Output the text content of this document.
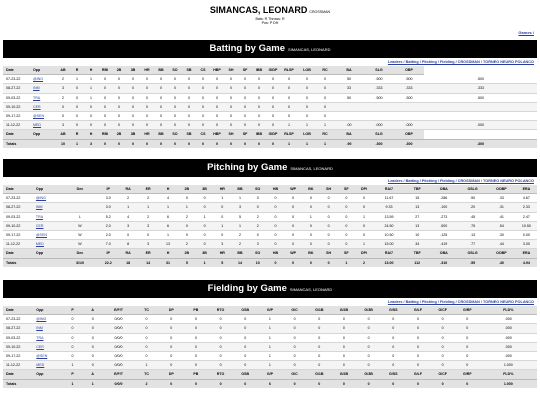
SIMANCAS, LEONARD CROSSMAN
Bats: R Throws: R
Pos: P DH
Games /
Batting by Game SIMANCAS, LEONARD
Leaders / Batting / Pitching / Fielding / CROSSMAN / TORNEO NEURO POLANCO
Date	Opp	AB	R	H	RBI	2B	3B	HR	BB	SO	SB	CS	HBP	SH	SF	IBB	GIDP	RLSP	LOB	RC	BA	SLG	OBP	
07-23-22	@ING	2	1	1	0	0	0	0	0	0	0	0	0	0	0	0	0	0	0	0	50	.500	.500	.500
08-27-22	INM	3	0	1	0	0	0	0	0	0	0	0	0	0	0	0	0	0	0	0	33	.333	.333	.333
09-03-22	TRA	2	0	1	0	0	0	0	0	0	0	0	0	0	0	0	0	0	0	0	50	.500	.500	.500
09-10-22	CER	0	0	0	0	0	0	0	0	0	0	0	0	0	0	0	0	0	0	0				
09-17-22	@SEN	0	0	0	0	0	0	0	0	0	0	0	0	0	0	0	0	0	0	0				
11-12-22	MED	3	0	0	0	0	0	0	0	0	0	0	0	0	0	0	0	1	1	1	.00	.000	.000	.000
Date	Opp	AB	R	H	RBI	2B	3B	HR	BB	SO	SB	CS	HBP	SH	SF	IBB	GIDP	RLSP	LOB	RC	BA	SLG	OBP	
Totals		10	1	3	0	0	0	0	0	0	0	0	0	0	0	0	0	1	1	1	.90	.300	.300	.300
Pitching by Game SIMANCAS, LEONARD
Leaders / Batting / Pitching / Fielding / CROSSMAN / TORNEO NEURO POLANCO
Date	Opp	Dec	IP	RA	ER	H	2B	3B	HR	BB	SO	HB	WP	BK	SH	SF	DPI	RA/7	TBF	OBA	OSLG	OOBP	ERA
07-23-22	@ING		3.0	2	2	4	0	0	1	1	3	0	0	0	0	0	0	11.67	15	.286	.50	.33	4.67
08-27-22	INM		3.0	1	1	1	1	0	0	3	0	0	0	0	0	0	0	9.33	13	.100	.20	.31	2.33
09-03-22	TRA	L	5.2	4	2	6	2	1	0	5	2	0	0	1	0	0	1	13.59	27	.273	.45	.41	2.47
09-10-22	CER	W	2.0	3	3	6	0	0	1	1	2	0	0	0	0	0	0	24.50	13	.500	.75	.54	10.50
09-17-22	@SEN	W	2.0	0	0	1	0	0	0	2	0	0	0	0	0	0	0	10.50	10	.125	.13	.30	0.00
11-12-22	MED	W	7.0	8	3	13	2	0	3	2	3	0	0	0	0	0	1	15.00	34	.419	.77	.44	3.00
Date	Opp	Dec	IP	RA	ER	H	2B	3B	HR	BB	SO	HB	WP	BK	SH	SF	DPI	RA/7	TBF	OBA	OSLG	OOBP	ERA
Totals		3/1/0	22.2	18	14	31	5	1	5	14	10	0	0	0	0	1	2	13.00	112	.310	.55	.40	4.94
Fielding by Game SIMANCAS, LEONARD
Leaders / Batting / Pitching / Fielding / CROSSMAN / TORNEO NEURO POLANCO
Date	Opp	P	A	E/F/T	TC	DP	PB	RTO	OSB	G/P	G/C	G/1B	G/2B	G/3B	G/SS	G/LF	G/CF	G/RF	FLD%
07-23-22	@ING	0	0	0/0/0	0	0	0	0	0	1	0	0	0	0	0	0	0	0	.000
08-27-22	INM	0	0	0/0/0	0	0	0	0	0	1	0	0	0	0	0	0	0	0	.000
09-03-22	TRA	0	0	0/0/0	0	0	0	0	0	1	0	0	0	0	0	0	0	0	.000
09-10-22	CER	0	0	0/0/0	0	0	0	0	0	1	0	0	0	0	0	0	0	0	.000
09-17-22	@SEN	0	0	0/0/0	0	0	0	0	0	1	0	0	0	0	0	0	0	0	.000
11-12-22	MED	1	0	0/0/0	1	0	0	0	0	1	0	0	0	0	0	0	0	0	1.000
Date	Opp	P	A	E/F/T	TC	DP	PB	RTO	OSB	G/P	G/C	G/1B	G/2B	G/3B	G/SS	G/LF	G/CF	G/RF	FLD%
Totals		1	1	0/0/0	2	0	0	0	0	6	0	0	0	0	0	0	0	0	1.000
